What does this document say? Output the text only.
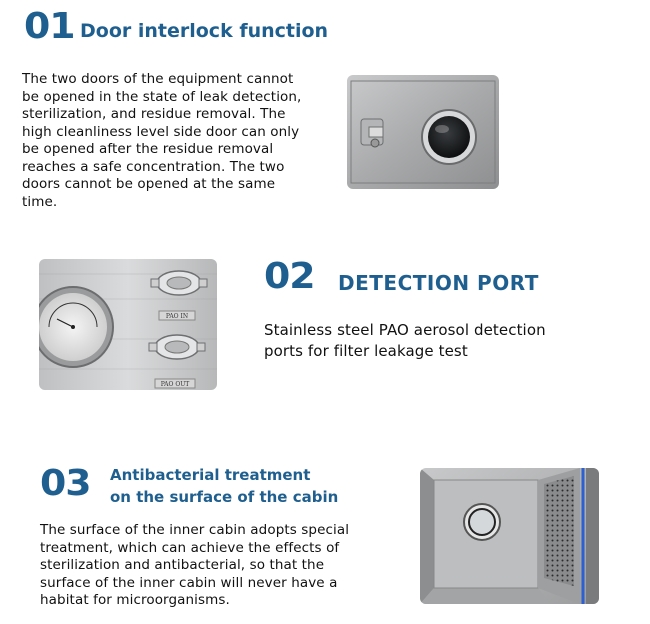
01 Door interlock function
The two doors of the equipment cannot
be opened in the state of leak detection,
sterilization, and residue removal. The
high cleanliness level side door can only
be opened after the residue removal
reaches a safe concentration. The two
doors cannot be opened at the same
time.
PAO IN
PAO OUT
02 DETECTION PORT
Stainless steel PAO aerosol detection
ports for filter leakage test
03 Antibacterial treatment
on the surface of the cabin
The surface of the inner cabin adopts special
treatment, which can achieve the effects of
sterilization and antibacterial, so that the
surface of the inner cabin will never have a
habitat for microorganisms.
